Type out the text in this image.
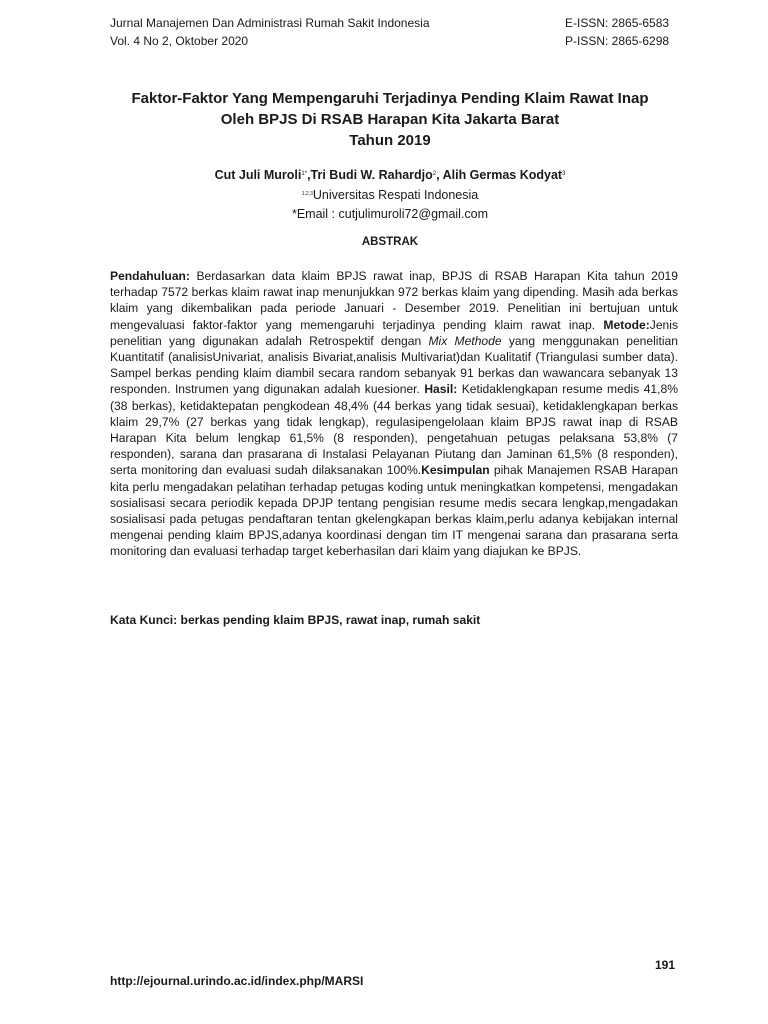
Jurnal Manajemen Dan Administrasi Rumah Sakit Indonesia	E-ISSN: 2865-6583
Vol. 4 No 2, Oktober 2020	P-ISSN: 2865-6298
Faktor-Faktor Yang Mempengaruhi Terjadinya Pending Klaim Rawat Inap
Oleh BPJS Di RSAB Harapan Kita Jakarta Barat
Tahun 2019
Cut Juli Muroli$^{1*}$,Tri Budi W. Rahardjo$^2$, Alih Germas Kodyat$^3$
$^{1,2,3}$Universitas Respati Indonesia
*Email : cutjulimuroli72@gmail.com
ABSTRAK
Pendahuluan: Berdasarkan data klaim BPJS rawat inap, BPJS di RSAB Harapan Kita tahun 2019 terhadap 7572 berkas klaim rawat inap menunjukkan 972 berkas klaim yang dipending. Masih ada berkas klaim yang dikembalikan pada periode Januari - Desember 2019. Penelitian ini bertujuan untuk mengevaluasi faktor-faktor yang memengaruhi terjadinya pending klaim rawat inap. Metode:Jenis penelitian yang digunakan adalah Retrospektif dengan Mix Methode yang menggunakan penelitian Kuantitatif (analisisUnivariat, analisis Bivariat,analisis Multivariat)dan Kualitatif (Triangulasi sumber data). Sampel berkas pending klaim diambil secara random sebanyak 91 berkas dan wawancara sebanyak 13 responden. Instrumen yang digunakan adalah kuesioner. Hasil: Ketidaklengkapan resume medis 41,8% (38 berkas), ketidaktepatan pengkodean 48,4% (44 berkas yang tidak sesuai), ketidaklengkapan berkas klaim 29,7% (27 berkas yang tidak lengkap), regulasipengelolaan klaim BPJS rawat inap di RSAB Harapan Kita belum lengkap 61,5% (8 responden), pengetahuan petugas pelaksana 53,8% (7 responden), sarana dan prasarana di Instalasi Pelayanan Piutang dan Jaminan 61,5% (8 responden), serta monitoring dan evaluasi sudah dilaksanakan 100%.Kesimpulan pihak Manajemen RSAB Harapan kita perlu mengadakan pelatihan terhadap petugas koding untuk meningkatkan kompetensi, mengadakan sosialisasi secara periodik kepada DPJP tentang pengisian resume medis secara lengkap,mengadakan sosialisasi pada petugas pendaftaran tentan gkelengkapan berkas klaim,perlu adanya kebijakan internal mengenai pending klaim BPJS,adanya koordinasi dengan tim IT mengenai sarana dan prasarana serta monitoring dan evaluasi terhadap target keberhasilan dari klaim yang diajukan ke BPJS.
Kata Kunci: berkas pending klaim BPJS, rawat inap, rumah sakit
191
http://ejournal.urindo.ac.id/index.php/MARSI
